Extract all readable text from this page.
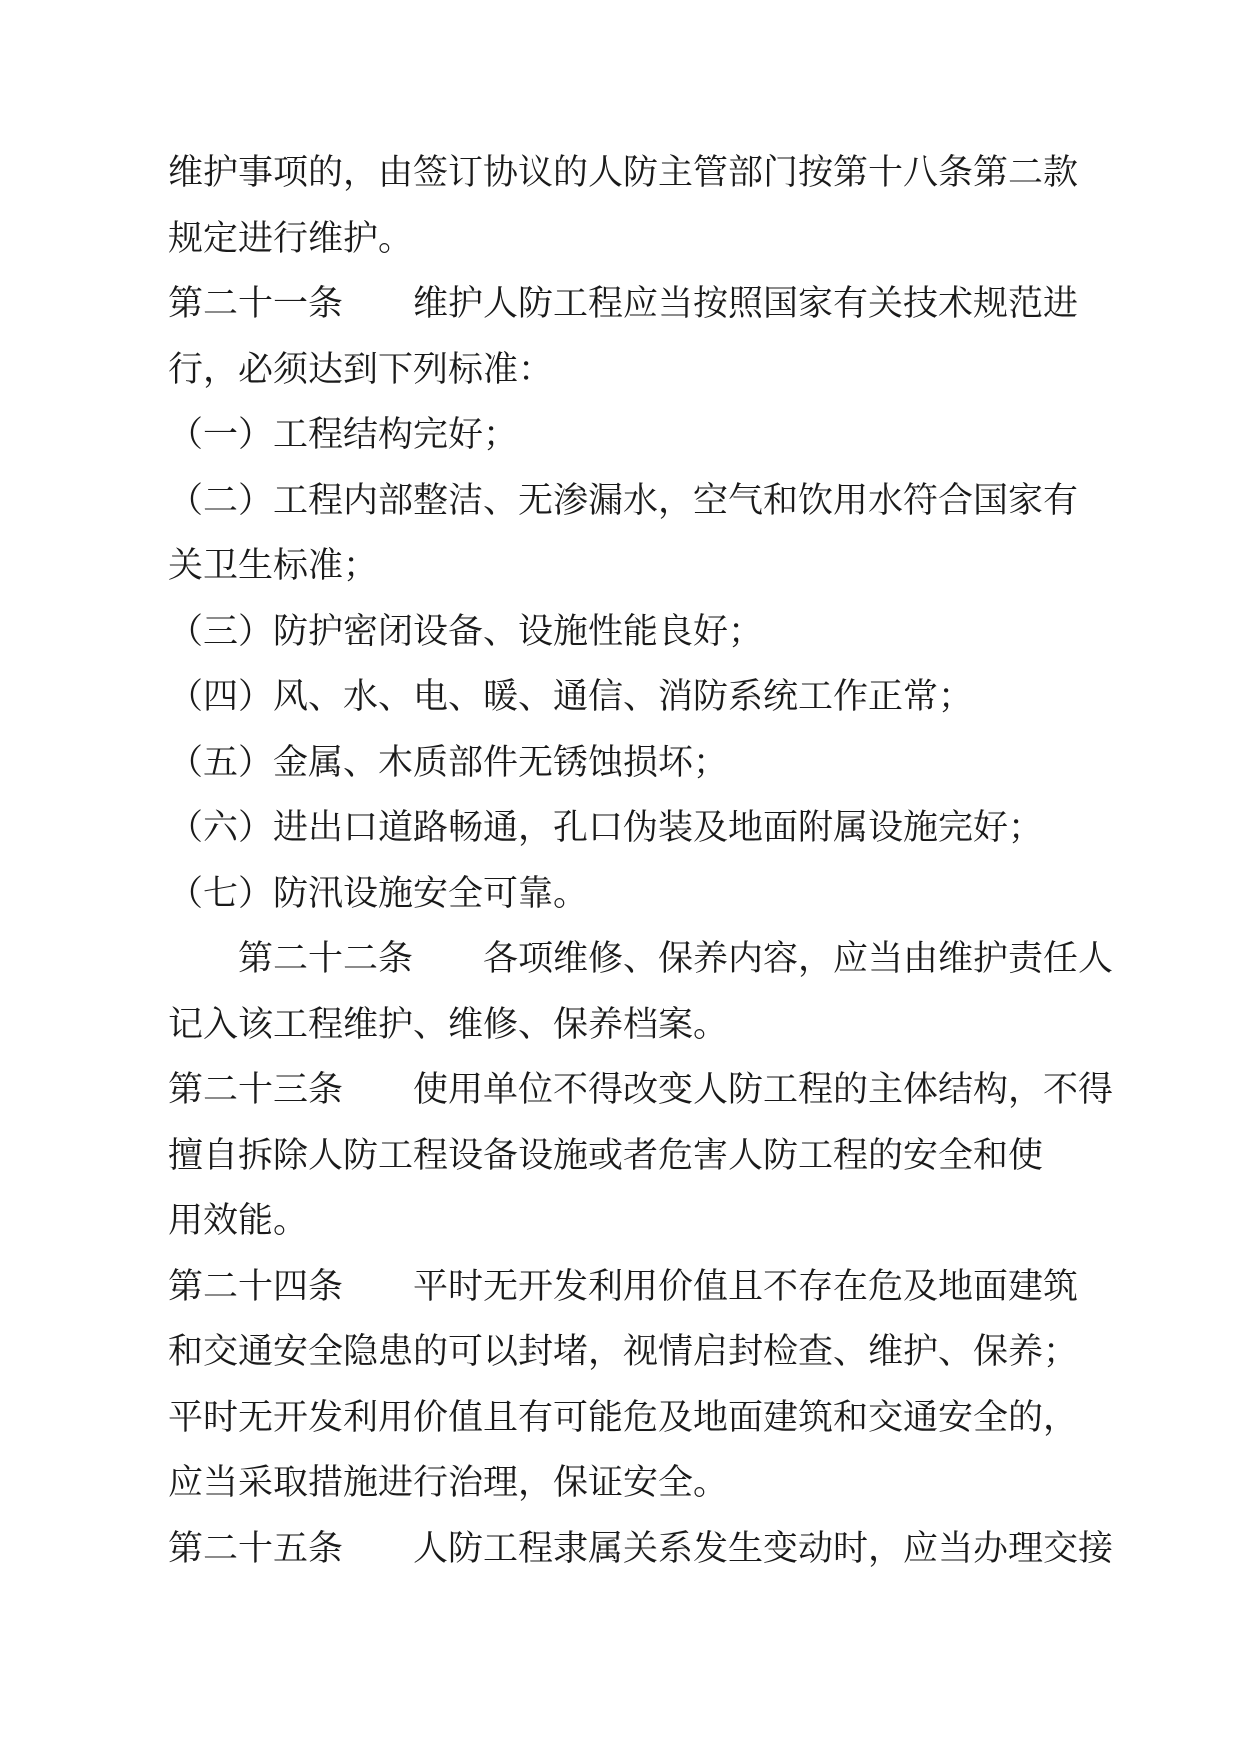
维护事项的，由签订协议的人防主管部门按第十八条第二款
规定进行维护。
第二十一条　　维护人防工程应当按照国家有关技术规范进
行，必须达到下列标准：
（一）工程结构完好；
（二）工程内部整洁、无渗漏水，空气和饮用水符合国家有
关卫生标准；
（三）防护密闭设备、设施性能良好；
（四）风、水、电、暖、通信、消防系统工作正常；
（五）金属、木质部件无锈蚀损坏；
（六）进出口道路畅通，孔口伪装及地面附属设施完好；
（七）防汛设施安全可靠。
　　第二十二条　　各项维修、保养内容，应当由维护责任人
记入该工程维护、维修、保养档案。
第二十三条　　使用单位不得改变人防工程的主体结构，不得
擅自拆除人防工程设备设施或者危害人防工程的安全和使
用效能。
第二十四条　　平时无开发利用价值且不存在危及地面建筑
和交通安全隐患的可以封堵，视情启封检查、维护、保养；
平时无开发利用价值且有可能危及地面建筑和交通安全的，
应当采取措施进行治理，保证安全。
第二十五条　　人防工程隶属关系发生变动时，应当办理交接
